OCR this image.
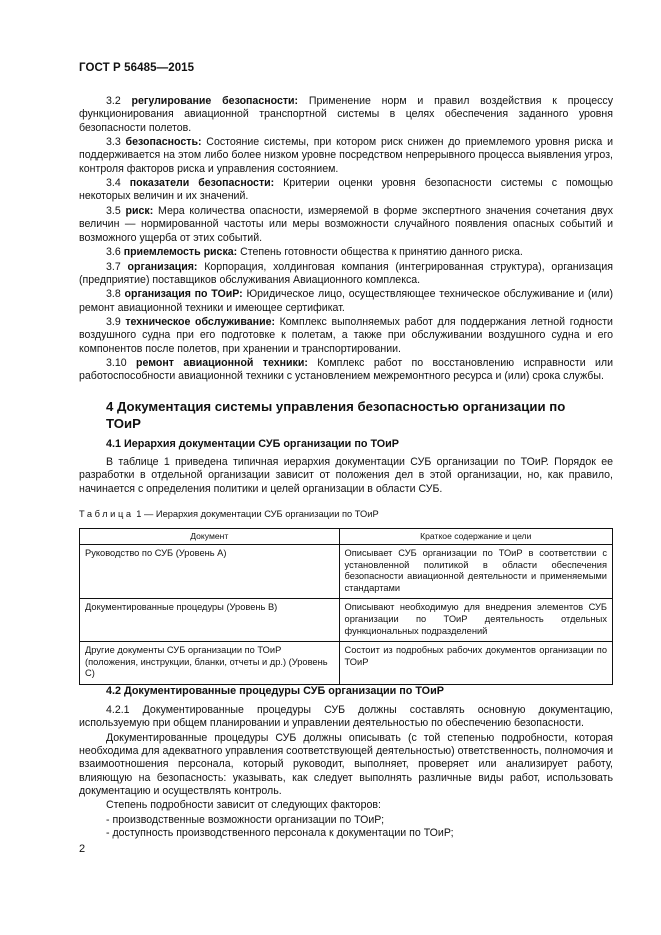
ГОСТ Р 56485—2015

3.2 регулирование безопасности: Применение норм и правил воздействия к процессу функционирования авиационной транспортной системы в целях обеспечения заданного уровня безопасности полетов.

3.3 безопасность: Состояние системы, при котором риск снижен до приемлемого уровня риска и поддерживается на этом либо более низком уровне посредством непрерывного процесса выявления угроз, контроля факторов риска и управления состоянием.

3.4 показатели безопасности: Критерии оценки уровня безопасности системы с помощью некоторых величин и их значений.

3.5 риск: Мера количества опасности, измеряемой в форме экспертного значения сочетания двух величин — нормированной частоты или меры возможности случайного появления опасных событий и возможного ущерба от этих событий.

3.6 приемлемость риска: Степень готовности общества к принятию данного риска.

3.7 организация: Корпорация, холдинговая компания (интегрированная структура), организация (предприятие) поставщиков обслуживания Авиационного комплекса.

3.8 организация по ТОиР: Юридическое лицо, осуществляющее техническое обслуживание и (или) ремонт авиационной техники и имеющее сертификат.

3.9 техническое обслуживание: Комплекс выполняемых работ для поддержания летной годности воздушного судна при его подготовке к полетам, а также при обслуживании воздушного судна и его компонентов после полетов, при хранении и транспортировании.

3.10 ремонт авиационной техники: Комплекс работ по восстановлению исправности или работоспособности авиационной техники с установлением межремонтного ресурса и (или) срока службы.

4 Документация системы управления безопасностью организации по ТОиР
4.1 Иерархия документации СУБ организации по ТОиР

В таблице 1 приведена типичная иерархия документации СУБ организации по ТОиР. Порядок ее разработки в отдельной организации зависит от положения дел в этой организации, но, как правило, начинается с определения политики и целей организации в области СУБ.

Таблица 1 — Иерархия документации СУБ организации по ТОиР
Документ	Краткое содержание и цели
Руководство по СУБ (Уровень А)	Описывает СУБ организации по ТОиР в соответствии с установленной политикой в области обеспечения безопасности авиационной деятельности и применяемыми стандартами
Документированные процедуры (Уровень В)	Описывают необходимую для внедрения элементов СУБ организации по ТОиР деятельность отдельных функциональных подразделений
Другие документы СУБ организации по ТОиР (положения, инструкции, бланки, отчеты и др.) (Уровень С)	Состоит из подробных рабочих документов организации по ТОиР
4.2 Документированные процедуры СУБ организации по ТОиР

4.2.1 Документированные процедуры СУБ должны составлять основную документацию, используемую при общем планировании и управлении деятельностью по обеспечению безопасности.

Документированные процедуры СУБ должны описывать (с той степенью подробности, которая необходима для адекватного управления соответствующей деятельностью) ответственность, полномочия и взаимоотношения персонала, который руководит, выполняет, проверяет или анализирует работу, влияющую на безопасность: указывать, как следует выполнять различные виды работ, использовать документацию и осуществлять контроль.

Степень подробности зависит от следующих факторов:

- производственные возможности организации по ТОиР;

- доступность производственного персонала к документации по ТОиР;

2
